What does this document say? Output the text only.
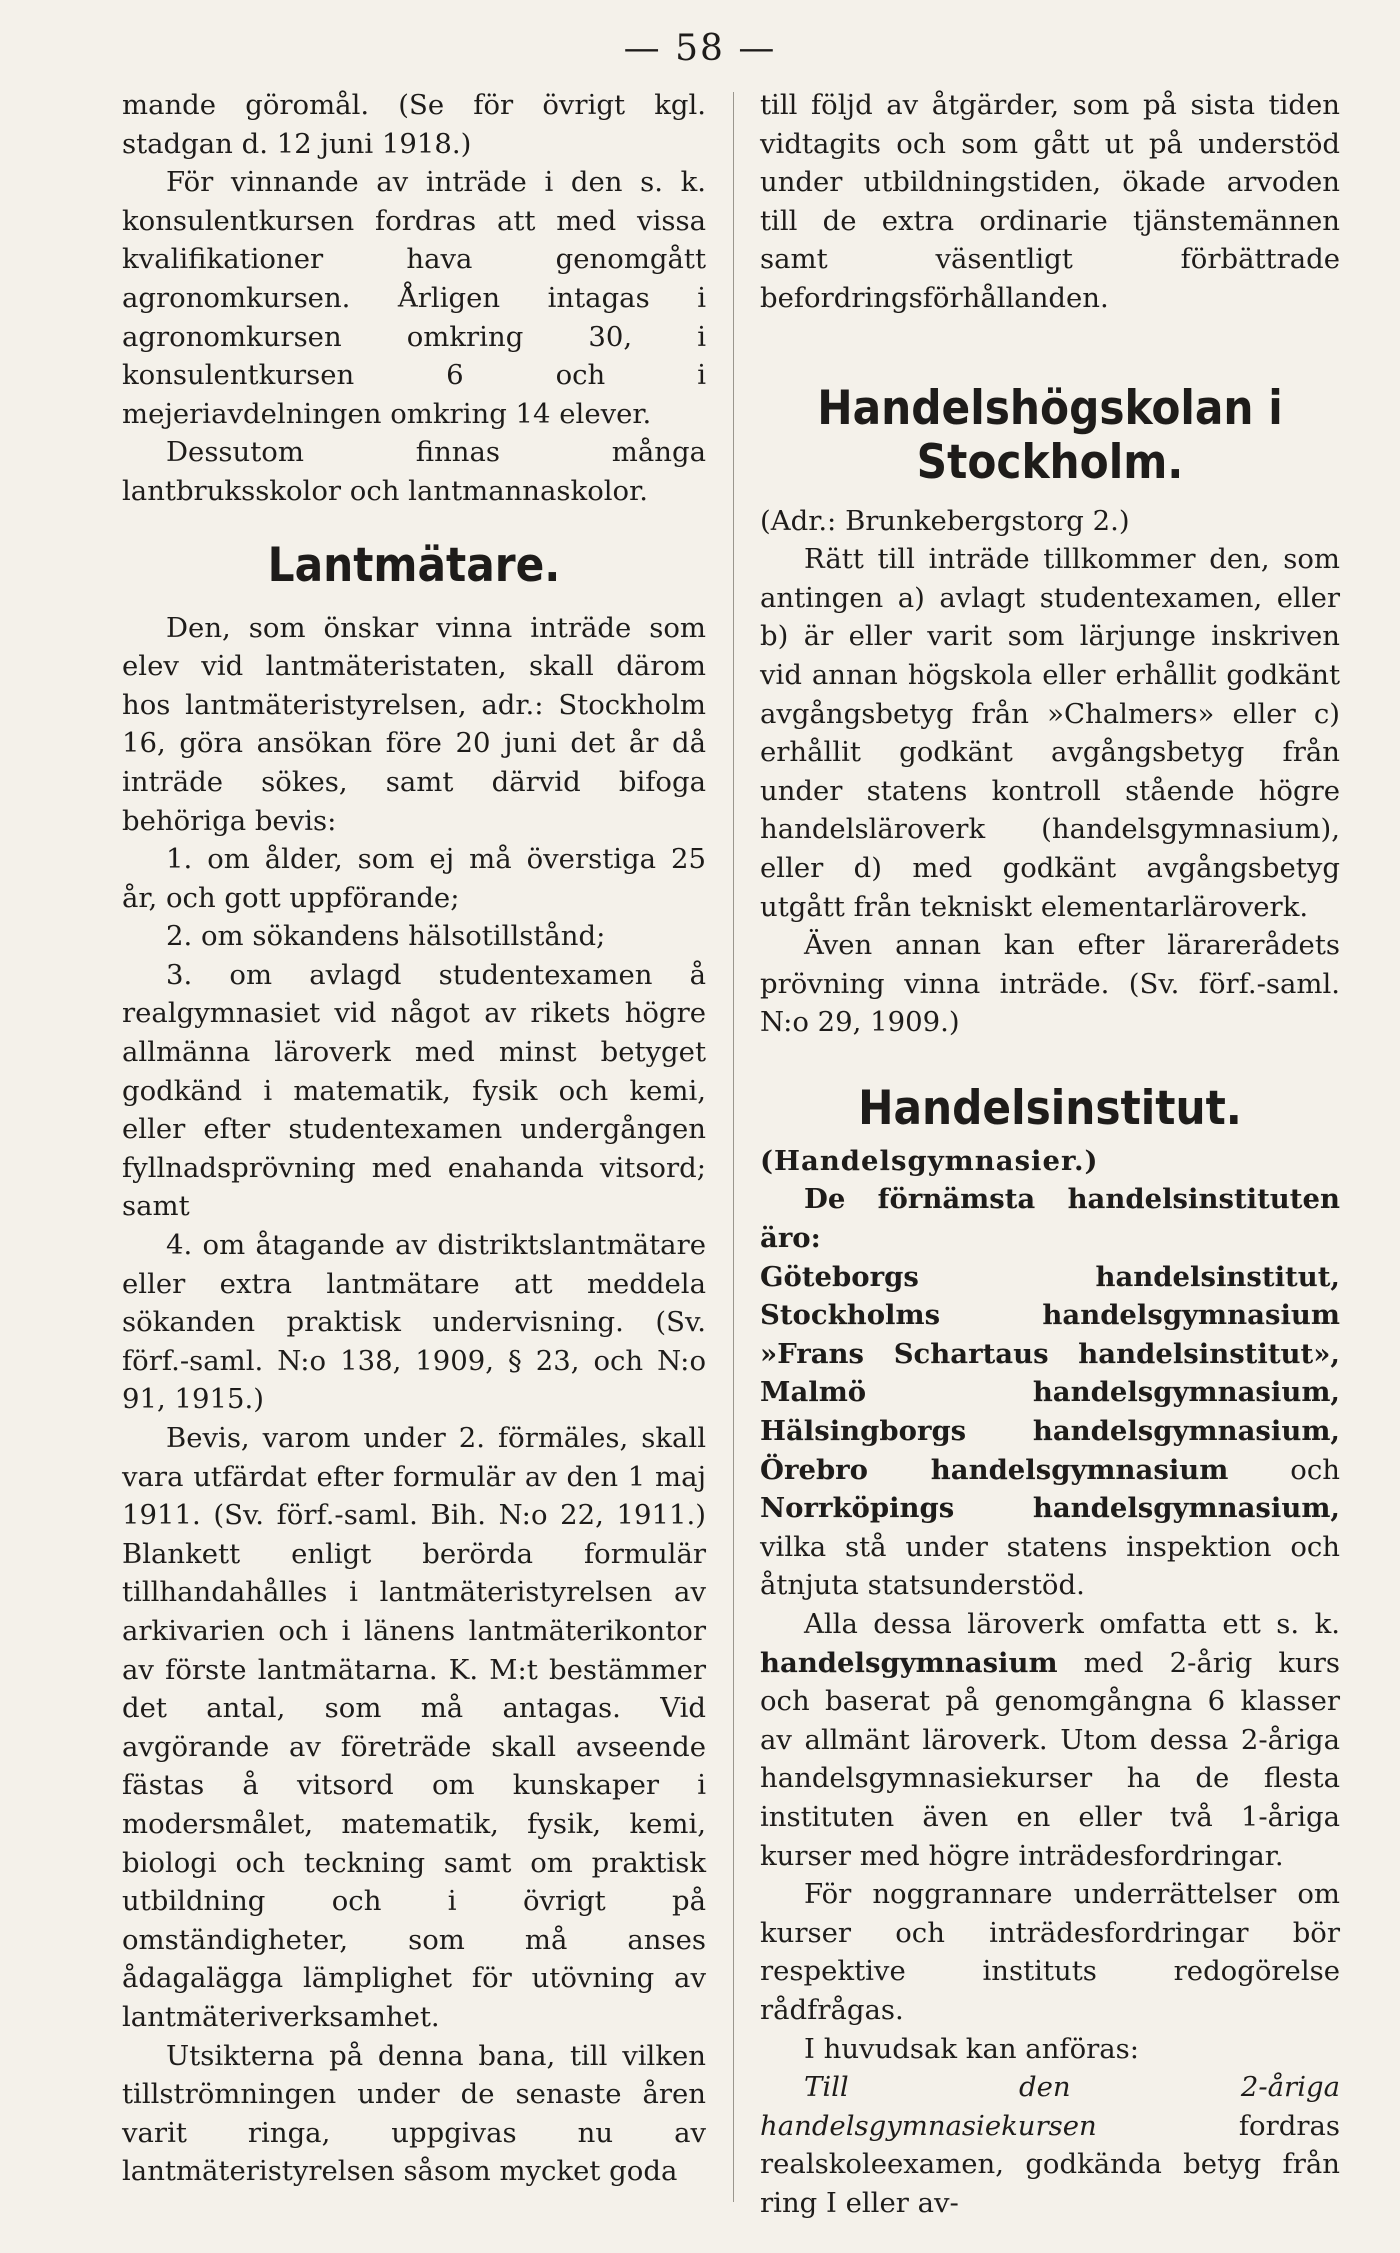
— 58 —

mande göromål. (Se för övrigt kgl. stadgan d. 12 juni 1918.)

För vinnande av inträde i den s. k. konsulentkursen fordras att med vissa kvalifikationer hava genomgått agronomkursen. Årligen intagas i agronomkursen omkring 30, i konsulentkursen 6 och i mejeriavdelningen omkring 14 elever.

Dessutom finnas många lantbruksskolor och lantmannaskolor.

Lantmätare.

Den, som önskar vinna inträde som elev vid lantmäteristaten, skall därom hos lantmäteristyrelsen, adr.: Stockholm 16, göra ansökan före 20 juni det år då inträde sökes, samt därvid bifoga behöriga bevis:

1. om ålder, som ej må överstiga 25 år, och gott uppförande;

2. om sökandens hälsotillstånd;

3. om avlagd studentexamen å realgymnasiet vid något av rikets högre allmänna läroverk med minst betyget godkänd i matematik, fysik och kemi, eller efter studentexamen undergången fyllnadsprövning med enahanda vitsord; samt

4. om åtagande av distriktslantmätare eller extra lantmätare att meddela sökanden praktisk undervisning. (Sv. förf.-saml. N:o 138, 1909, § 23, och N:o 91, 1915.)

Bevis, varom under 2. förmäles, skall vara utfärdat efter formulär av den 1 maj 1911. (Sv. förf.-saml. Bih. N:o 22, 1911.) Blankett enligt berörda formulär tillhandahålles i lantmäteristyrelsen av arkivarien och i länens lantmäterikontor av förste lantmätarna. K. M:t bestämmer det antal, som må antagas. Vid avgörande av företräde skall avseende fästas å vitsord om kunskaper i modersmålet, matematik, fysik, kemi, biologi och teckning samt om praktisk utbildning och i övrigt på omständigheter, som må anses ådagalägga lämplighet för utövning av lantmäteriverksamhet.

Utsikterna på denna bana, till vilken tillströmningen under de senaste åren varit ringa, uppgivas nu av lantmäteristyrelsen såsom mycket goda

till följd av åtgärder, som på sista tiden vidtagits och som gått ut på understöd under utbildningstiden, ökade arvoden till de extra ordinarie tjänstemännen samt väsentligt förbättrade befordringsförhållanden.

Handelshögskolan i
Stockholm.

(Adr.: Brunkebergstorg 2.)

Rätt till inträde tillkommer den, som antingen a) avlagt studentexamen, eller b) är eller varit som lärjunge inskriven vid annan högskola eller erhållit godkänt avgångsbetyg från »Chalmers» eller c) erhållit godkänt avgångsbetyg från under statens kontroll stående högre handelsläroverk (handelsgymnasium), eller d) med godkänt avgångsbetyg utgått från tekniskt elementarläroverk.

Även annan kan efter lärarerådets prövning vinna inträde. (Sv. förf.-saml. N:o 29, 1909.)

Handelsinstitut.

(Handelsgymnasier.)

De förnämsta handelsinstituten äro:

Göteborgs handelsinstitut, Stockholms handelsgymnasium »Frans Schartaus handelsinstitut», Malmö handelsgymnasium, Hälsingborgs handelsgymnasium, Örebro handelsgymnasium och Norrköpings handelsgymnasium, vilka stå under statens inspektion och åtnjuta statsunderstöd.

Alla dessa läroverk omfatta ett s. k. handelsgymnasium med 2-årig kurs och baserat på genomgångna 6 klasser av allmänt läroverk. Utom dessa 2-åriga handelsgymnasiekurser ha de flesta instituten även en eller två 1-åriga kurser med högre inträdesfordringar.

För noggrannare underrättelser om kurser och inträdesfordringar bör respektive instituts redogörelse rådfrågas.

I huvudsak kan anföras:

Till den 2-åriga handelsgymnasiekursen fordras realskoleexamen, godkända betyg från ring I eller av-
